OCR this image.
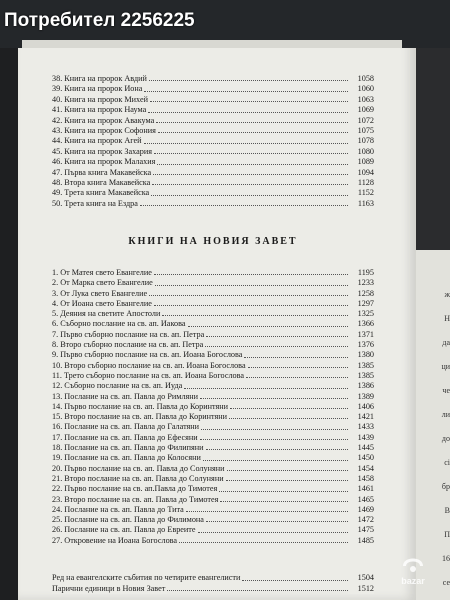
ж
Н
да
ци
че
ли
до
сі
бр
В
П
16
се
Потребител 2256225
38. Книга на пророк Авдий	1058
39. Книга на пророк Иона	1060
40. Книга на пророк Михей	1063
41. Книга на пророк Наума	1069
42. Книга на пророк Авакума	1072
43. Книга на пророк Софония	1075
44. Книга на пророк Агей	1078
45. Книга на пророк Захария	1080
46. Книга на пророк Малахия	1089
47. Първа книга Макавейска	1094
48. Втора книга Макавейска	1128
49. Трета книга Макавейска	1152
50. Трета книга на Ездра	1163
КНИГИ НА НОВИЯ ЗАВЕТ
1. От Матея свето Евангелие	1195
2. От Марка свето Евангелие	1233
3. От Лука свето Евангелие	1258
4. От Иоана свето Евангелие	1297
5. Деяния на светите Апостоли	1325
6. Съборно послание на св. ап. Иакова	1366
7. Първо съборно послание на св. ап. Петра	1371
8. Второ съборно послание на св. ап. Петра	1376
9. Първо съборно послание на св. ап. Иоана Богослова	1380
10. Второ съборно послание на св. ап. Иоана Богослова	1385
11. Трето съборно послание на св. ап. Иоана Богослова	1385
12. Съборно послание на св. ап. Иуда	1386
13. Послание на св. ап. Павла до Римляни	1389
14. Първо послание на св. ап. Павла до Коринтяни	1406
15. Второ послание на св. ап. Павла до Коринтяни	1421
16. Послание на св. ап. Павла до Галатяни	1433
17. Послание на св. ап. Павла до Ефесяни	1439
18. Послание на св. ап. Павла до Филипяни	1445
19. Послание на св. ап. Павла до Колосяни	1450
20. Първо послание на св. ап. Павла до Солуняни	1454
21. Второ послание на св. ап. Павла до Солуняни	1458
22. Първо послание на св. ап.Павла до Тимотея	1461
23. Второ послание на св. ап. Павла до Тимотея	1465
24. Послание на св. ап. Павла до Тита	1469
25. Послание на св. ап. Павла до Филимона	1472
26. Послание на св. ап. Павла до Евреите	1475
27. Откровение на Иоана Богослова	1485
Ред на евангелските събития по четирите евангелисти	1504
Парични единици в Новия Завет	1512
bazar
